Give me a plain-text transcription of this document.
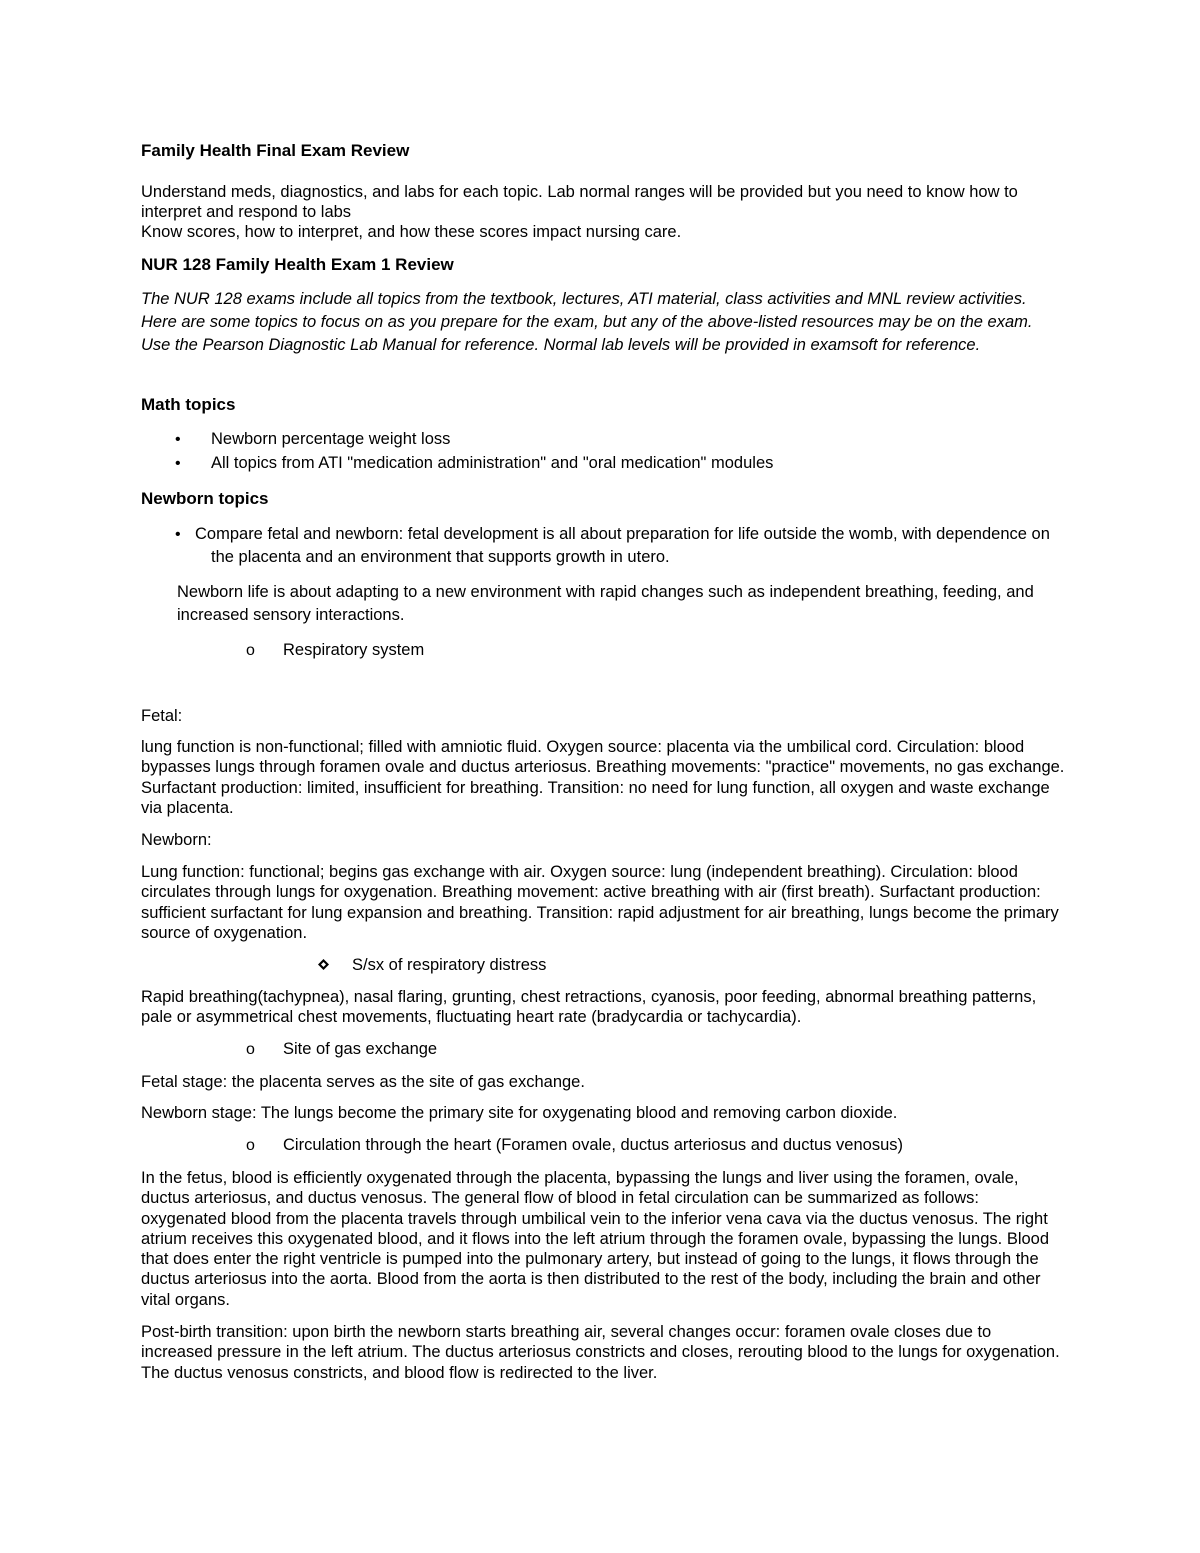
Family Health Final Exam Review

Understand meds, diagnostics, and labs for each topic. Lab normal ranges will be provided but you need to know how to interpret and respond to labs

Know scores, how to interpret, and how these scores impact nursing care.

NUR 128 Family Health Exam 1 Review

The NUR 128 exams include all topics from the textbook, lectures, ATI material, class activities and MNL review activities. Here are some topics to focus on as you prepare for the exam, but any of the above-listed resources may be on the exam. Use the Pearson Diagnostic Lab Manual for reference. Normal lab levels will be provided in examsoft for reference.

Math topics

• Newborn percentage weight loss
• All topics from ATI "medication administration" and "oral medication" modules

Newborn topics

• Compare fetal and newborn: fetal development is all about preparation for life outside the womb, with dependence on the placenta and an environment that supports growth in utero.

Newborn life is about adapting to a new environment with rapid changes such as independent breathing, feeding, and increased sensory interactions.

o Respiratory system

Fetal:

lung function is non-functional; filled with amniotic fluid. Oxygen source: placenta via the umbilical cord. Circulation: blood bypasses lungs through foramen ovale and ductus arteriosus. Breathing movements: "practice" movements, no gas exchange. Surfactant production: limited, insufficient for breathing. Transition: no need for lung function, all oxygen and waste exchange via placenta.

Newborn:

Lung function: functional; begins gas exchange with air. Oxygen source: lung (independent breathing). Circulation: blood circulates through lungs for oxygenation. Breathing movement: active breathing with air (first breath). Surfactant production: sufficient surfactant for lung expansion and breathing. Transition: rapid adjustment for air breathing, lungs become the primary source of oxygenation.

S/sx of respiratory distress

Rapid breathing(tachypnea), nasal flaring, grunting, chest retractions, cyanosis, poor feeding, abnormal breathing patterns, pale or asymmetrical chest movements, fluctuating heart rate (bradycardia or tachycardia).

o Site of gas exchange

Fetal stage: the placenta serves as the site of gas exchange.

Newborn stage: The lungs become the primary site for oxygenating blood and removing carbon dioxide.

o Circulation through the heart (Foramen ovale, ductus arteriosus and ductus venosus)

In the fetus, blood is efficiently oxygenated through the placenta, bypassing the lungs and liver using the foramen, ovale, ductus arteriosus, and ductus venosus. The general flow of blood in fetal circulation can be summarized as follows: oxygenated blood from the placenta travels through umbilical vein to the inferior vena cava via the ductus venosus. The right atrium receives this oxygenated blood, and it flows into the left atrium through the foramen ovale, bypassing the lungs. Blood that does enter the right ventricle is pumped into the pulmonary artery, but instead of going to the lungs, it flows through the ductus arteriosus into the aorta. Blood from the aorta is then distributed to the rest of the body, including the brain and other vital organs.

Post-birth transition: upon birth the newborn starts breathing air, several changes occur: foramen ovale closes due to increased pressure in the left atrium. The ductus arteriosus constricts and closes, rerouting blood to the lungs for oxygenation. The ductus venosus constricts, and blood flow is redirected to the liver.
